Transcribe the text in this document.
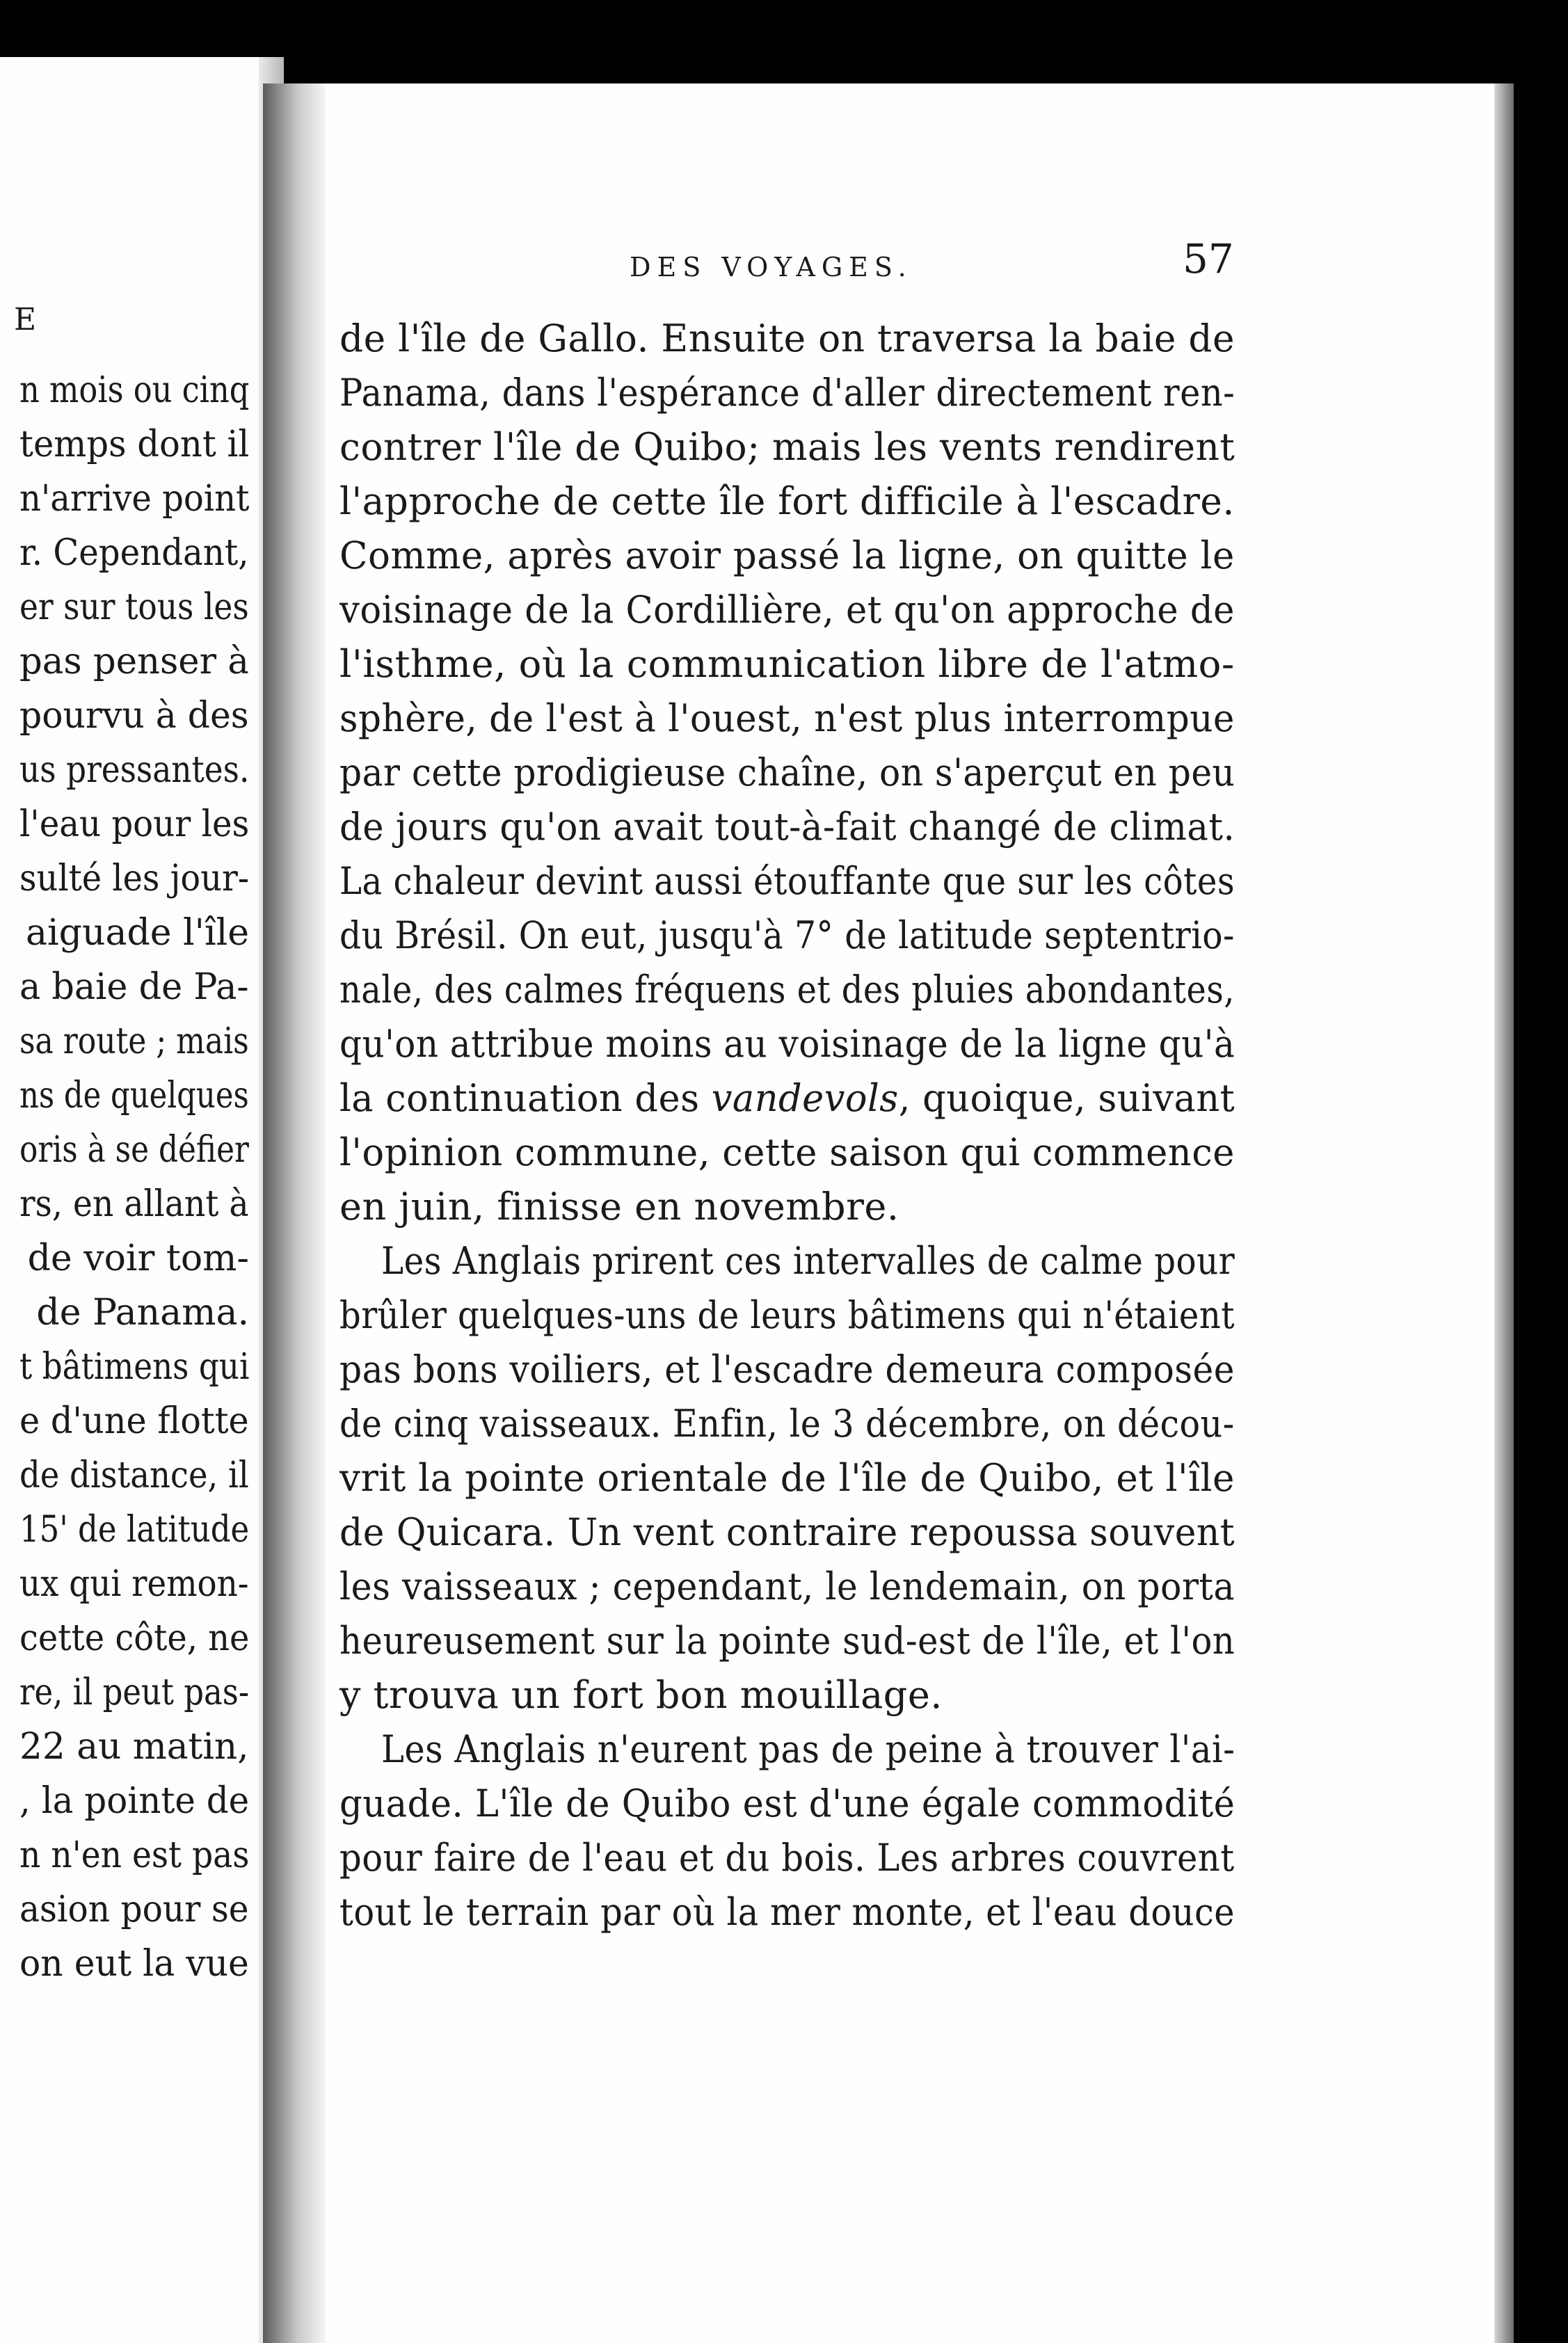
E
n mois ou cinq
temps dont il
n'arrive point
r. Cependant,
er sur tous les
pas penser à
pourvu à des
us pressantes.
l'eau pour les
sulté les jour-
aiguade l'île
a baie de Pa-
sa route ; mais
ns de quelques
oris à se défier
rs, en allant à
de voir tom-
de Panama.
t bâtimens qui
e d'une flotte
de distance, il
15' de latitude
ux qui remon-
cette côte, ne
re, il peut pas-
22 au matin,
, la pointe de
n n'en est pas
asion pour se
on eut la vue
DES VOYAGES.	57
de l'île de Gallo. Ensuite on traversa la baie de
Panama, dans l'espérance d'aller directement ren-
contrer l'île de Quibo; mais les vents rendirent
l'approche de cette île fort difficile à l'escadre.
Comme, après avoir passé la ligne, on quitte le
voisinage de la Cordillière, et qu'on approche de
l'isthme, où la communication libre de l'atmo-
sphère, de l'est à l'ouest, n'est plus interrompue
par cette prodigieuse chaîne, on s'aperçut en peu
de jours qu'on avait tout-à-fait changé de climat.
La chaleur devint aussi étouffante que sur les côtes
du Brésil. On eut, jusqu'à 7° de latitude septentrio-
nale, des calmes fréquens et des pluies abondantes,
qu'on attribue moins au voisinage de la ligne qu'à
la continuation des vandevols, quoique, suivant
l'opinion commune, cette saison qui commence
en juin, finisse en novembre.
Les Anglais prirent ces intervalles de calme pour
brûler quelques-uns de leurs bâtimens qui n'étaient
pas bons voiliers, et l'escadre demeura composée
de cinq vaisseaux. Enfin, le 3 décembre, on décou-
vrit la pointe orientale de l'île de Quibo, et l'île
de Quicara. Un vent contraire repoussa souvent
les vaisseaux ; cependant, le lendemain, on porta
heureusement sur la pointe sud-est de l'île, et l'on
y trouva un fort bon mouillage.
Les Anglais n'eurent pas de peine à trouver l'ai-
guade. L'île de Quibo est d'une égale commodité
pour faire de l'eau et du bois. Les arbres couvrent
tout le terrain par où la mer monte, et l'eau douce
